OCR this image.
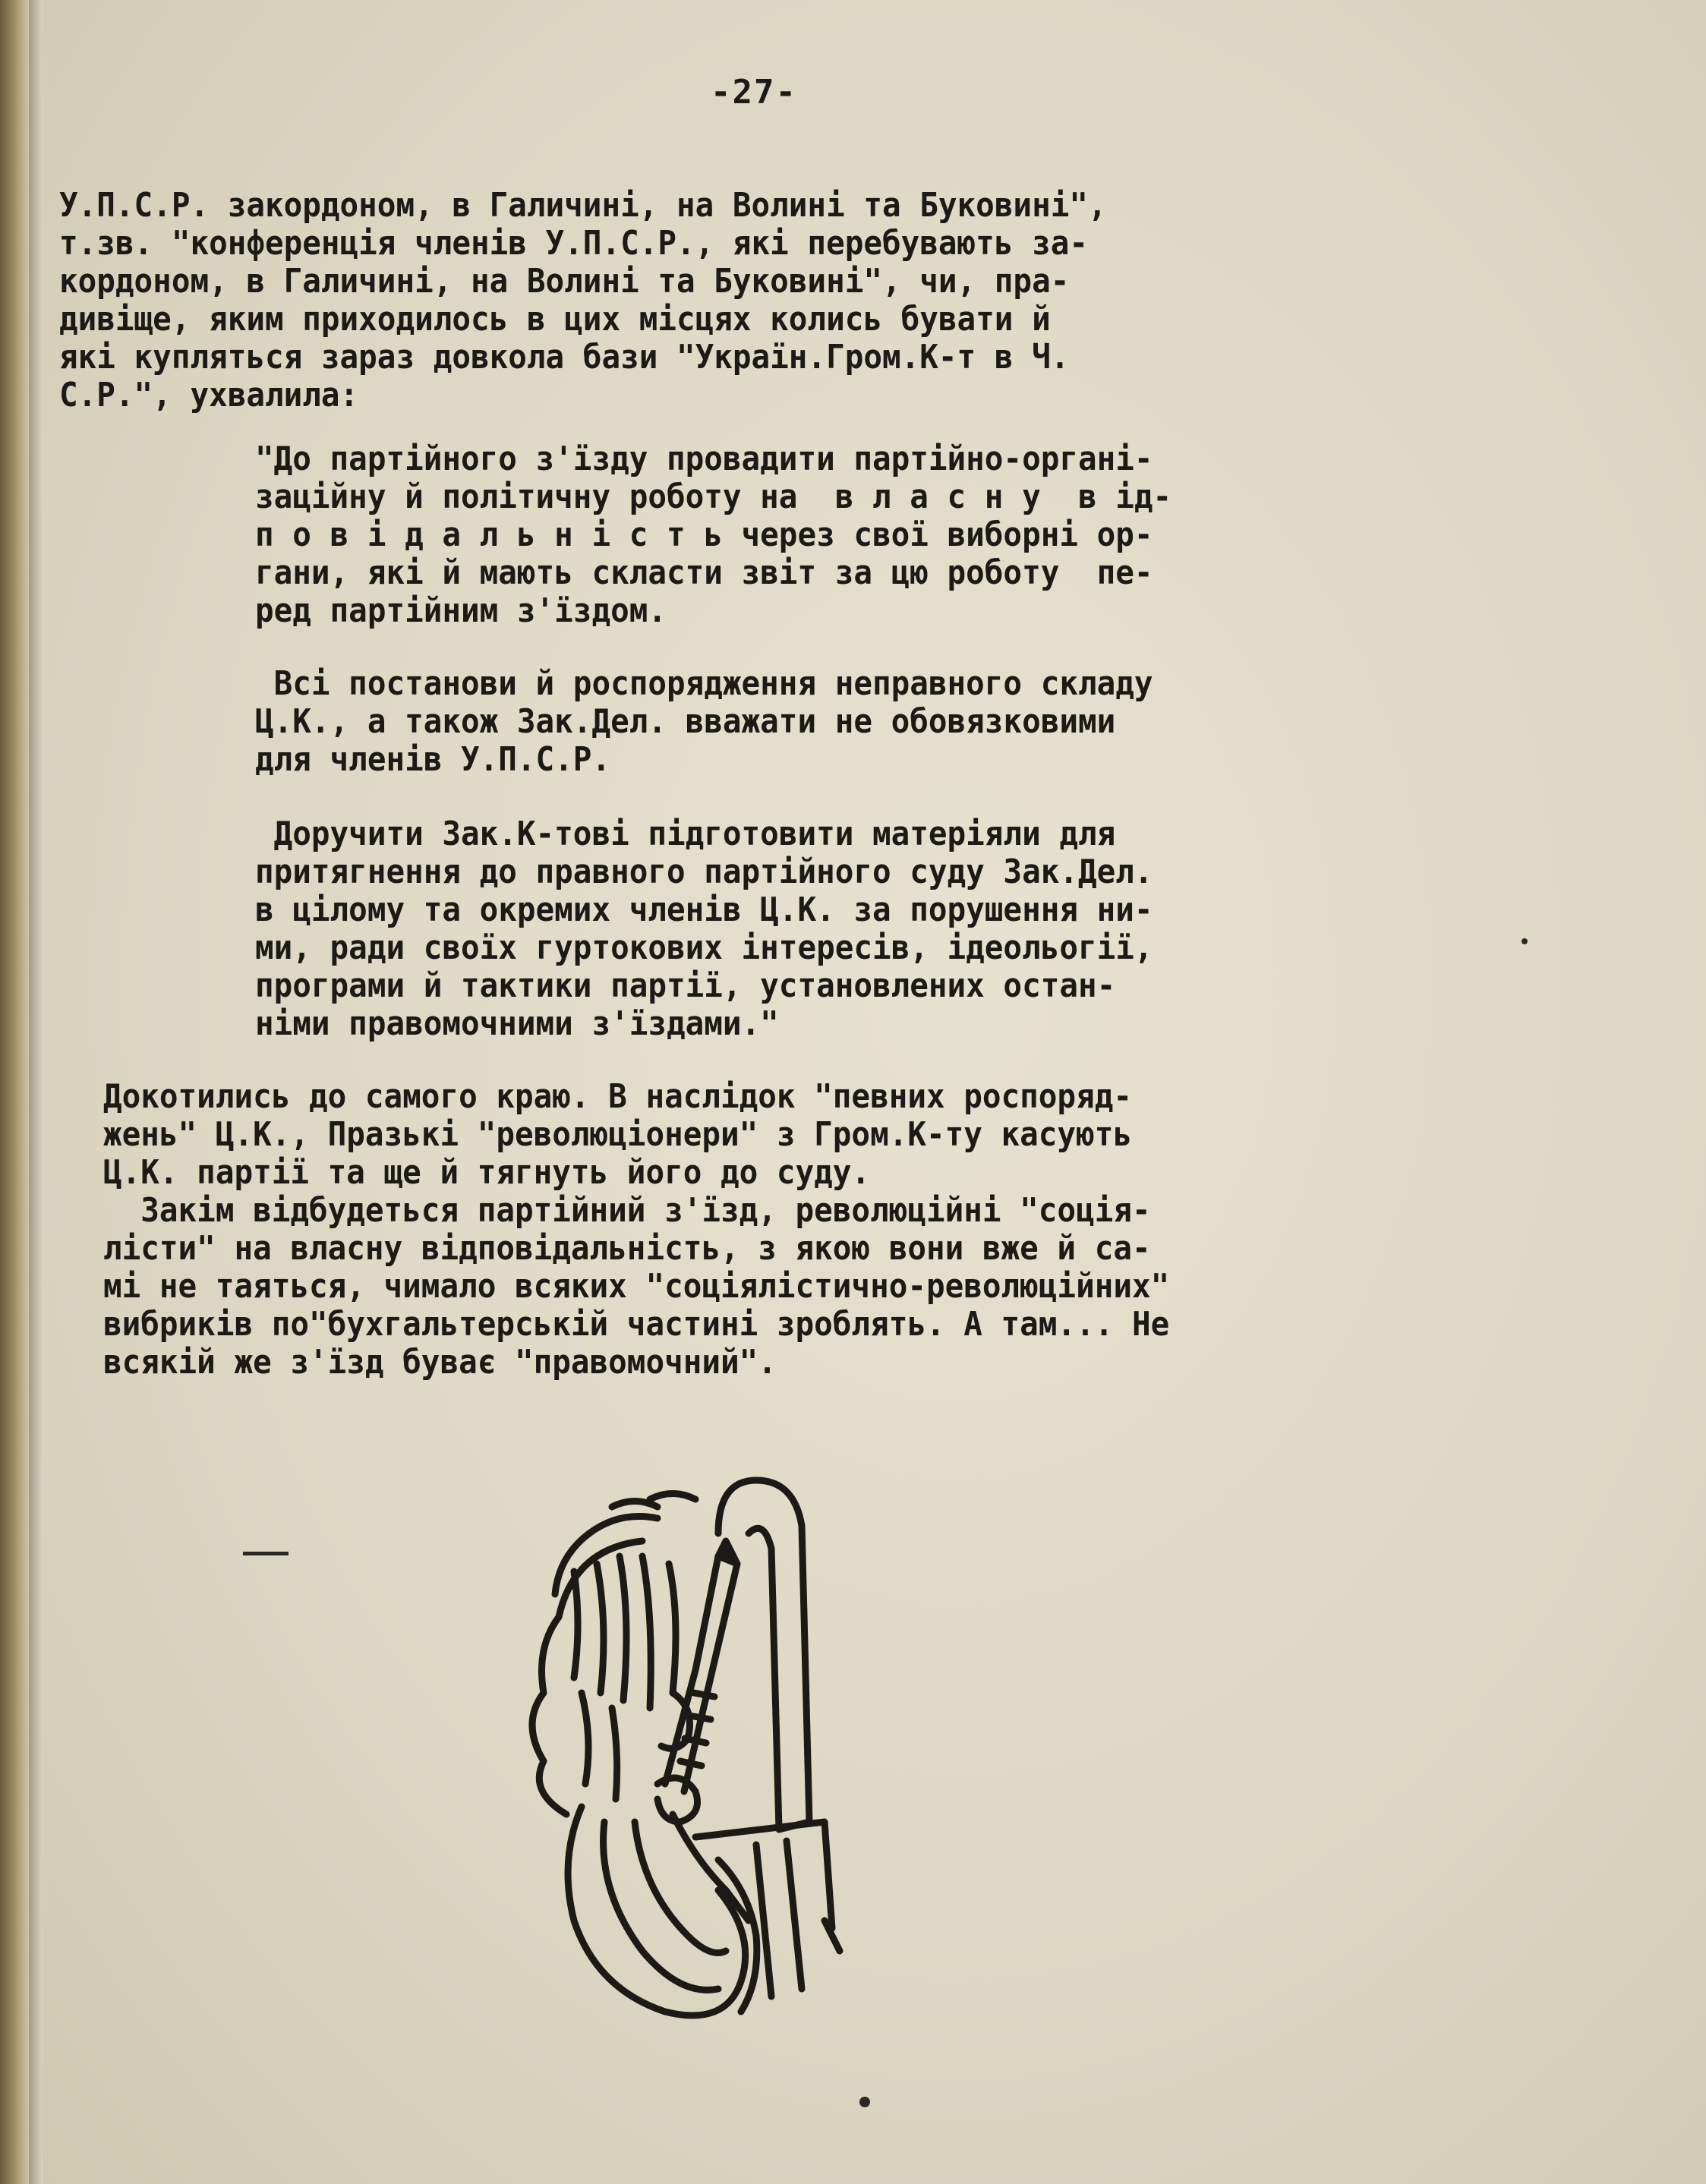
-27-
У.П.С.Р. закордоном, в Галичині, на Волині та Буковині",
т.зв. "конференція членів У.П.С.Р., які перебувають за-
кордоном, в Галичині, на Волині та Буковині", чи, пра-
дивіще, яким приходилось в цих місцях колись бувати й
які куплятьcя зараз довкола бази "Україн.Гром.К-т в Ч.
С.Р.", ухвалила:
"До партійного з'їзду провадити партійно-органі-
заційну й політичну роботу на  в л а с н у  в ід-
п о в і д а л ь н і с т ь через свої виборні ор-
гани, які й мають скласти звіт за цю роботу  пе-
ред партійним з'їздом.
Всі постанови й роспорядження неправного складу
Ц.К., а також Зак.Дел. вважати не обовязковими
для членів У.П.С.Р.
Доручити Зак.К-тові підготовити матеріяли для
притягнення до правного партійного суду Зак.Дел.
в цілому та окремих членів Ц.К. за порушення ни-
ми, ради своїх гуртокових інтересів, ідеольогії,
програми й тактики партії, установлених остан-
німи правомочними з'їздами."
Докотились до самого краю. В наслідок "певних роспоряд-
жень" Ц.К., Празькі "революціонери" з Гром.К-ту касують
Ц.К. партії та ще й тягнуть його до суду.
Закім відбудеться партійний з'їзд, революційні "соція-
лісти" на власну відповідальність, з якою вони вже й са-
мі не таяться, чимало всяких "соціялістично-революційних"
вибриків по"бухгальтерській частині зроблять. А там... Не
всякій же з'їзд буває "правомочний".
